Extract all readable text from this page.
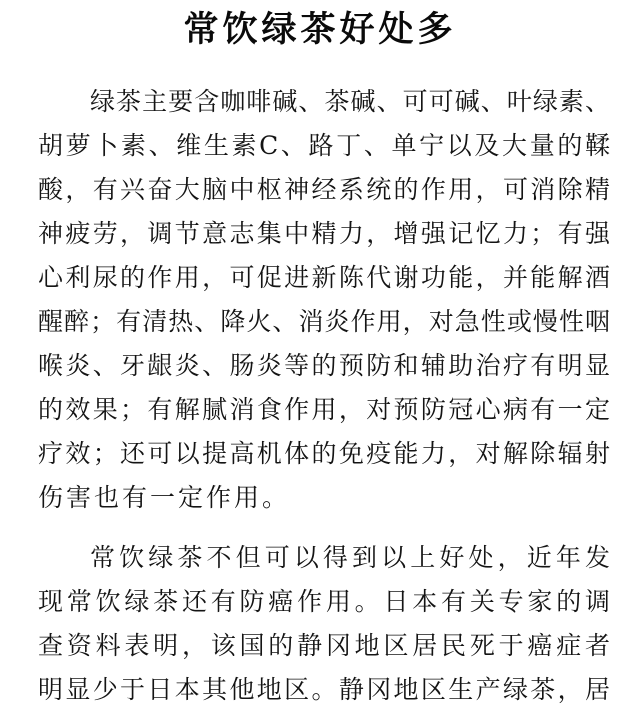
常饮绿茶好处多
绿茶主要含咖啡碱、茶碱、可可碱、叶绿素、
胡萝卜素、维生素C、路丁、单宁以及大量的鞣
酸，有兴奋大脑中枢神经系统的作用，可消除精
神疲劳，调节意志集中精力，增强记忆力；有强
心利尿的作用，可促进新陈代谢功能，并能解酒
醒醉；有清热、降火、消炎作用，对急性或慢性咽
喉炎、牙龈炎、肠炎等的预防和辅助治疗有明显
的效果；有解腻消食作用，对预防冠心病有一定
疗效；还可以提高机体的免疫能力，对解除辐射
伤害也有一定作用。
常饮绿茶不但可以得到以上好处，近年发
现常饮绿茶还有防癌作用。日本有关专家的调
查资料表明，该国的静冈地区居民死于癌症者
明显少于日本其他地区。静冈地区生产绿茶，居
